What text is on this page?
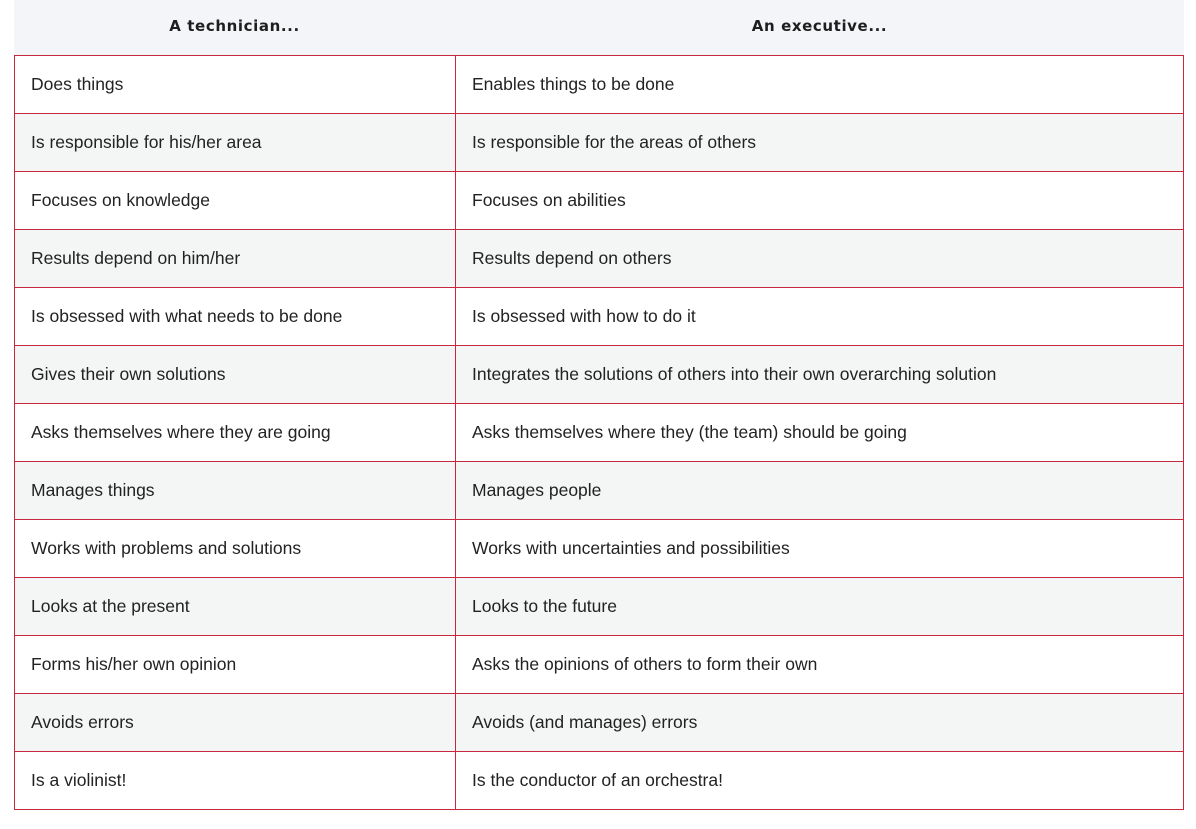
A technician...	An executive...
Does things	Enables things to be done
Is responsible for his/her area	Is responsible for the areas of others
Focuses on knowledge	Focuses on abilities
Results depend on him/her	Results depend on others
Is obsessed with what needs to be done	Is obsessed with how to do it
Gives their own solutions	Integrates the solutions of others into their own overarching solution
Asks themselves where they are going	Asks themselves where they (the team) should be going
Manages things	Manages people
Works with problems and solutions	Works with uncertainties and possibilities
Looks at the present	Looks to the future
Forms his/her own opinion	Asks the opinions of others to form their own
Avoids errors	Avoids (and manages) errors
Is a violinist!	Is the conductor of an orchestra!
